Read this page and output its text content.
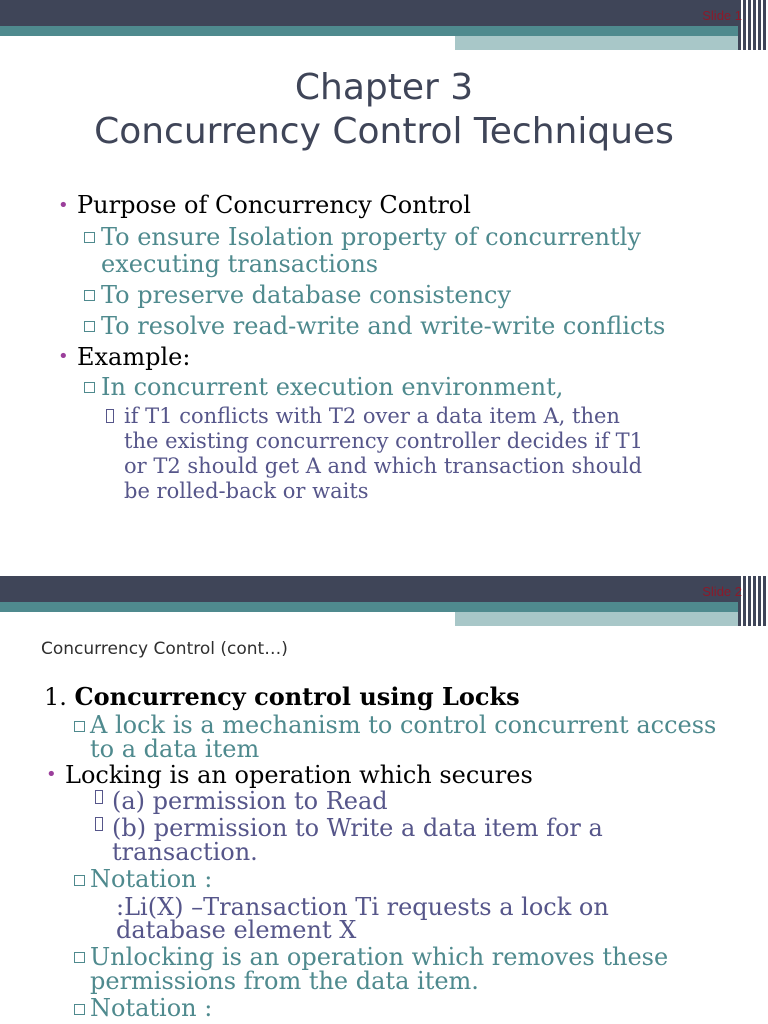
Slide 1
Chapter 3
Concurrency Control Techniques
• Purpose of Concurrency Control
To ensure Isolation property of concurrently
executing transactions
To preserve database consistency
To resolve read-write and write-write conflicts
• Example:
In concurrent execution environment,
if T1 conflicts with T2 over a data item A, then
the existing concurrency controller decides if T1
or T2 should get A and which transaction should
be rolled-back or waits
Slide 2
Concurrency Control (cont…)
1. Concurrency control using Locks
A lock is a mechanism to control concurrent access
to a data item
• Locking is an operation which secures
(a) permission to Read
(b) permission to Write a data item for a
transaction.
Notation :
:Li(X) –Transaction Ti requests a lock on
database element X
Unlocking is an operation which removes these
permissions from the data item.
Notation :
